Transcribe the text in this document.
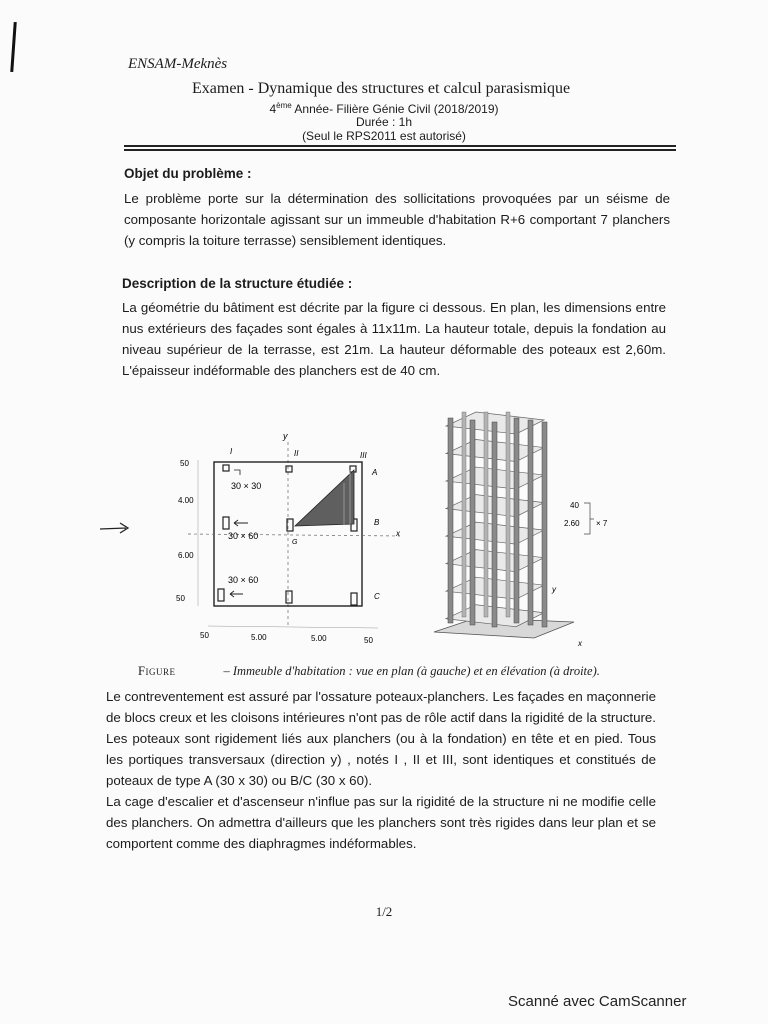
ENSAM-Meknès
Examen - Dynamique des structures et calcul parasismique
4ème Année- Filière Génie Civil (2018/2019)
Durée : 1h
(Seul le RPS2011 est autorisé)
Objet du problème :
Le problème porte sur la détermination des sollicitations provoquées par un séisme de composante horizontale agissant sur un immeuble d'habitation R+6 comportant 7 planchers (y compris la toiture terrasse) sensiblement identiques.
Description de la structure étudiée :
La géométrie du bâtiment est décrite par la figure ci dessous. En plan, les dimensions entre nus extérieurs des façades sont égales à 11x11m. La hauteur totale, depuis la fondation au niveau supérieur de la terrasse, est 21m. La hauteur déformable des poteaux est 2,60m. L'épaisseur indéformable des planchers est de 40 cm.
y
I	II	III
x
30 × 30
30 × 60
30 × 60
G
A
B
C
50
4.00
6.00
50
50	5.00	5.00	50
40
2.60 × 7
y
x
Figure	– Immeuble d'habitation : vue en plan (à gauche) et en élévation (à droite).
Le contreventement est assuré par l'ossature poteaux-planchers. Les façades en maçonnerie de blocs creux et les cloisons intérieures n'ont pas de rôle actif dans la rigidité de la structure. Les poteaux sont rigidement liés aux planchers (ou à la fondation) en tête et en pied. Tous les portiques transversaux (direction y) , notés I , II et III, sont identiques et constitués de poteaux de type A (30 x 30) ou B/C (30 x 60).
La cage d'escalier et d'ascenseur n'influe pas sur la rigidité de la structure ni ne modifie celle des planchers. On admettra d'ailleurs que les planchers sont très rigides dans leur plan et se comportent comme des diaphragmes indéformables.
1/2
Scanné avec CamScanner
